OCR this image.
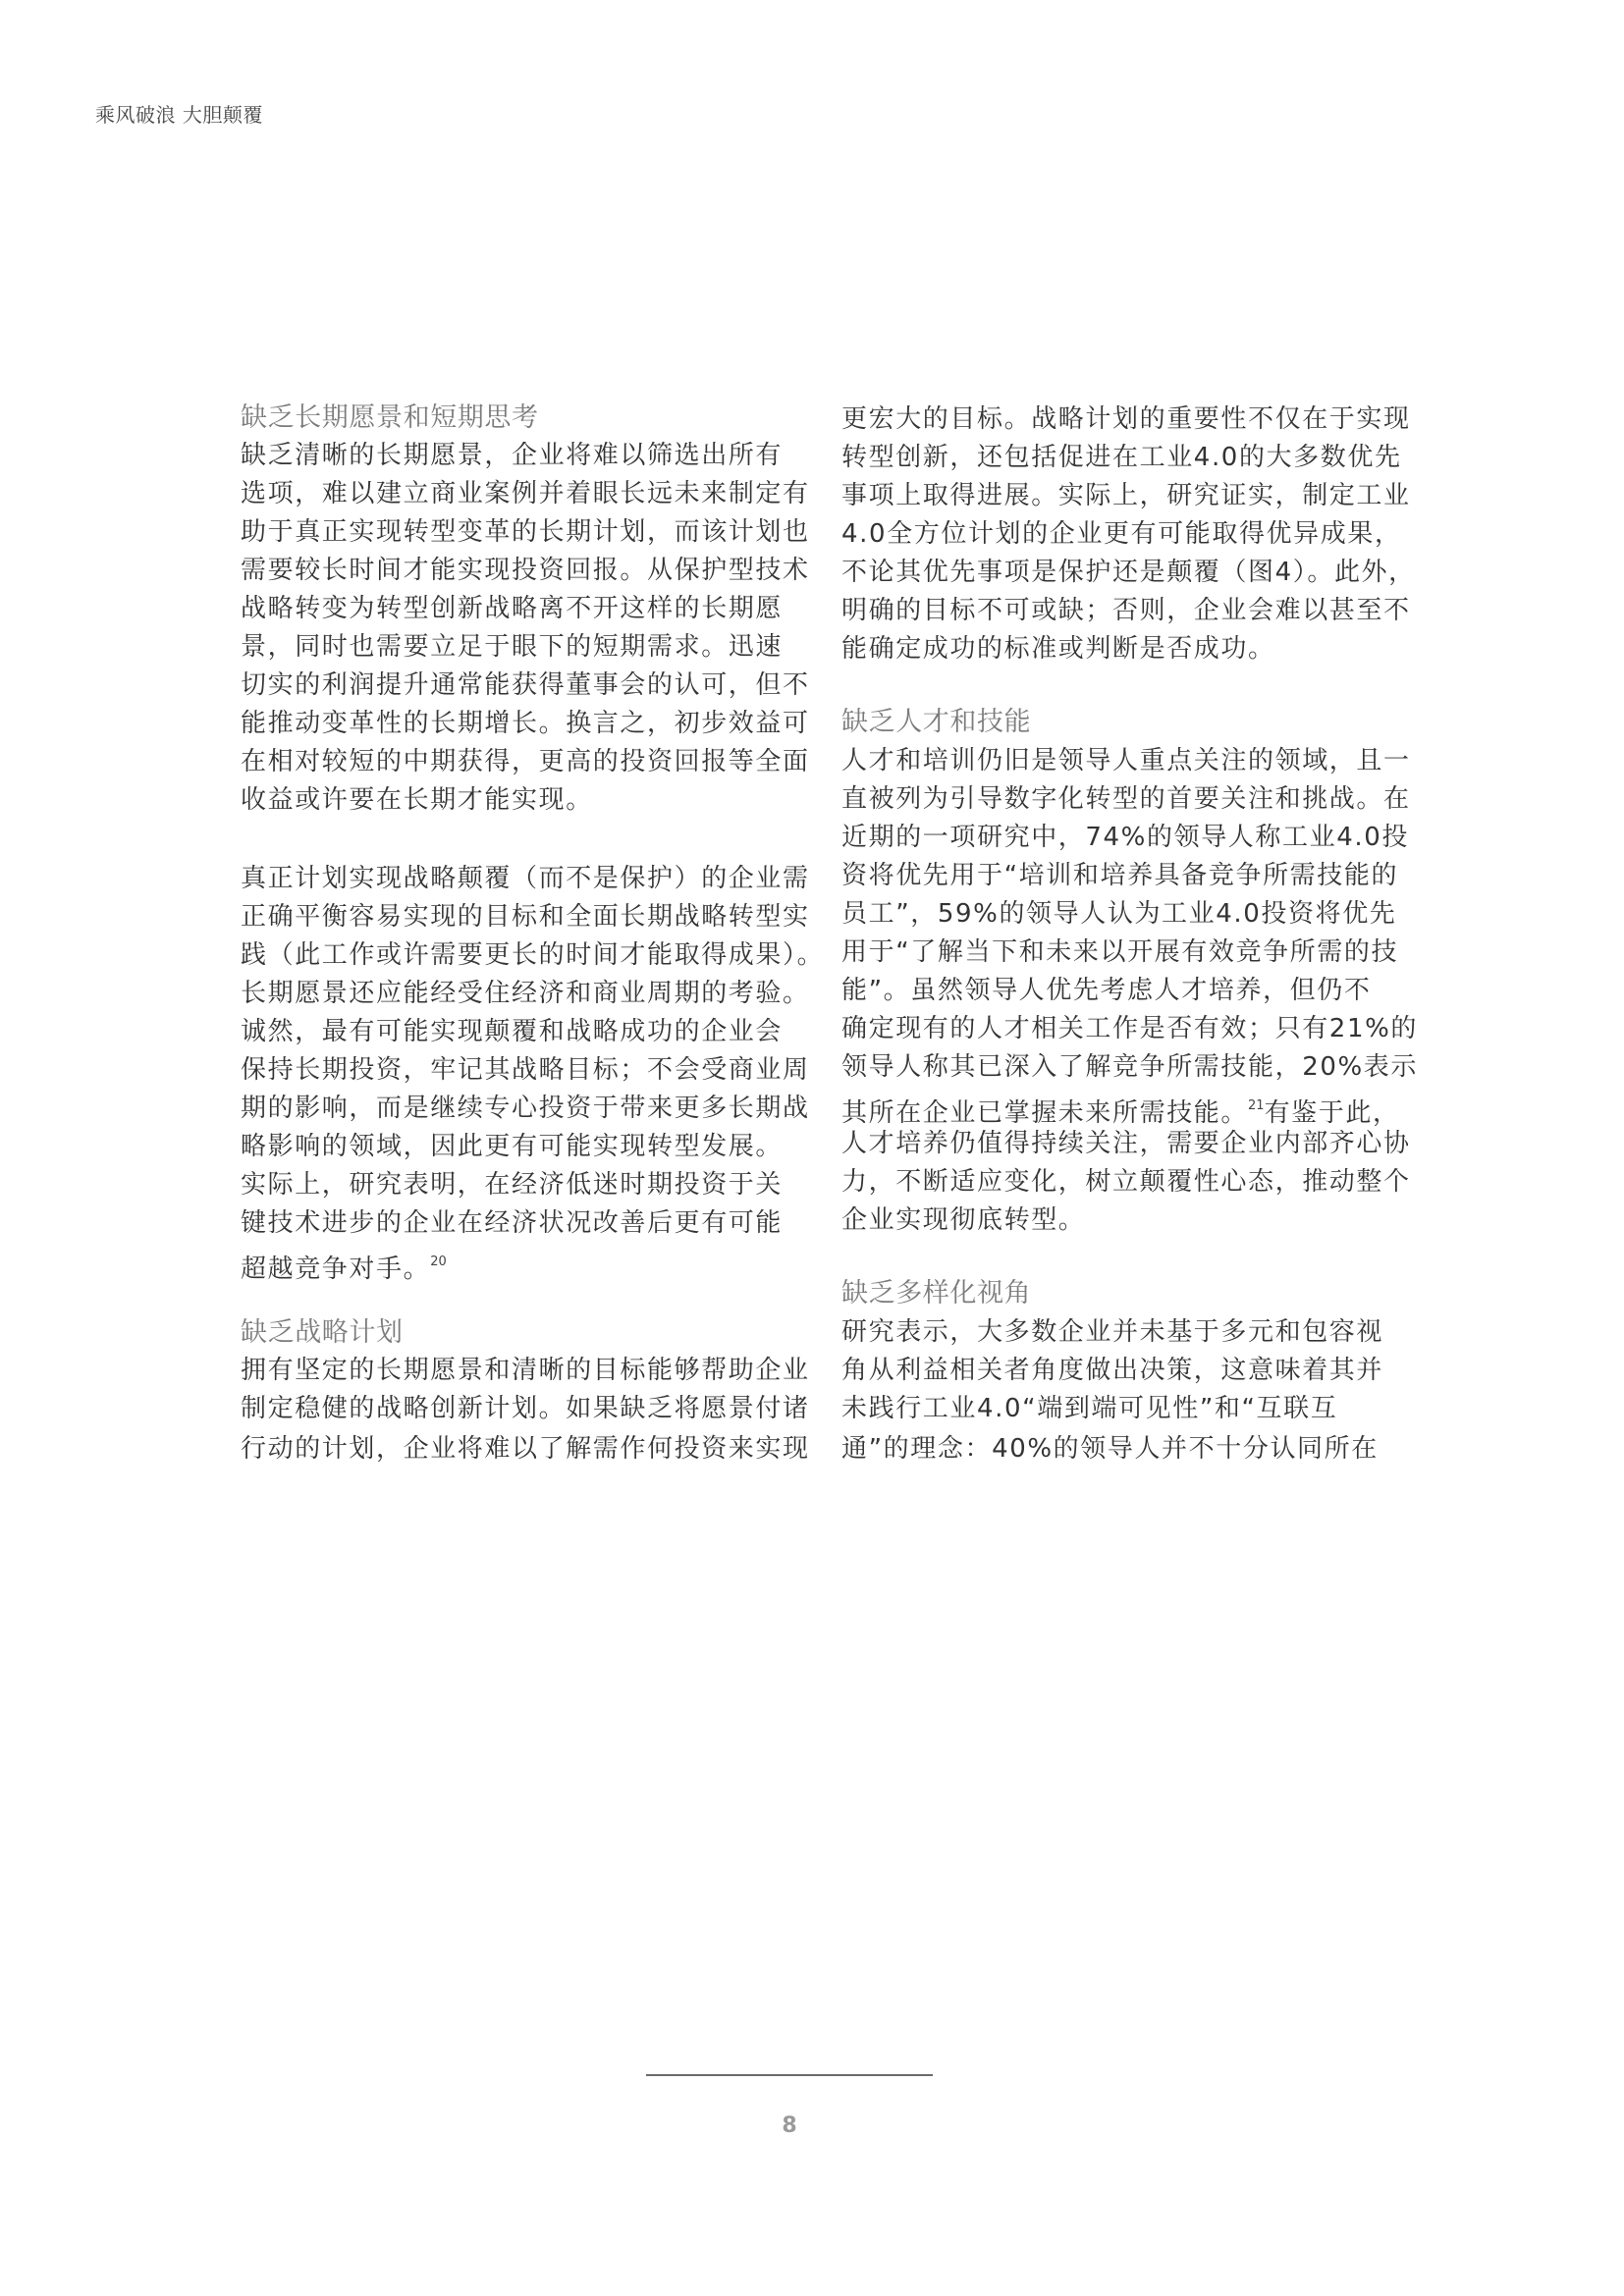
乘风破浪 大胆颠覆
缺乏长期愿景和短期思考
缺乏清晰的长期愿景，企业将难以筛选出所有
选项，难以建立商业案例并着眼长远未来制定有
助于真正实现转型变革的长期计划，而该计划也
需要较长时间才能实现投资回报。从保护型技术
战略转变为转型创新战略离不开这样的长期愿
景，同时也需要立足于眼下的短期需求。迅速
切实的利润提升通常能获得董事会的认可，但不
能推动变革性的长期增长。换言之，初步效益可
在相对较短的中期获得，更高的投资回报等全面
收益或许要在长期才能实现。
真正计划实现战略颠覆（而不是保护）的企业需
正确平衡容易实现的目标和全面长期战略转型实
践（此工作或许需要更长的时间才能取得成果）。
长期愿景还应能经受住经济和商业周期的考验。
诚然，最有可能实现颠覆和战略成功的企业会
保持长期投资，牢记其战略目标；不会受商业周
期的影响，而是继续专心投资于带来更多长期战
略影响的领域，因此更有可能实现转型发展。
实际上，研究表明，在经济低迷时期投资于关
键技术进步的企业在经济状况改善后更有可能
超越竞争对手。$^{20}$
缺乏战略计划
拥有坚定的长期愿景和清晰的目标能够帮助企业
制定稳健的战略创新计划。如果缺乏将愿景付诸
行动的计划，企业将难以了解需作何投资来实现
更宏大的目标。战略计划的重要性不仅在于实现
转型创新，还包括促进在工业4.0的大多数优先
事项上取得进展。实际上，研究证实，制定工业
4.0全方位计划的企业更有可能取得优异成果，
不论其优先事项是保护还是颠覆（图4）。此外，
明确的目标不可或缺；否则，企业会难以甚至不
能确定成功的标准或判断是否成功。
缺乏人才和技能
人才和培训仍旧是领导人重点关注的领域，且一
直被列为引导数字化转型的首要关注和挑战。在
近期的一项研究中，74%的领导人称工业4.0投
资将优先用于“培训和培养具备竞争所需技能的
员工”，59%的领导人认为工业4.0投资将优先
用于“了解当下和未来以开展有效竞争所需的技
能”。虽然领导人优先考虑人才培养，但仍不
确定现有的人才相关工作是否有效；只有21%的
领导人称其已深入了解竞争所需技能，20%表示
其所在企业已掌握未来所需技能。$^{21}$有鉴于此，
人才培养仍值得持续关注，需要企业内部齐心协
力，不断适应变化，树立颠覆性心态，推动整个
企业实现彻底转型。
缺乏多样化视角
研究表示，大多数企业并未基于多元和包容视
角从利益相关者角度做出决策，这意味着其并
未践行工业4.0“端到端可见性”和“互联互
通”的理念：40%的领导人并不十分认同所在
8
